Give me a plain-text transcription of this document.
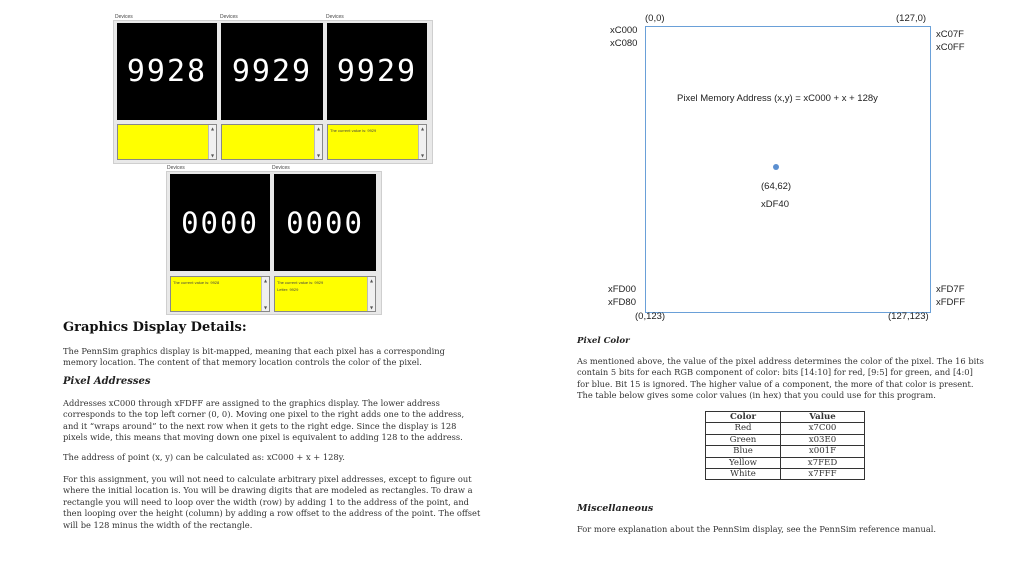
Devices	Devices	Devices
9928 9929 9929
▲
▼
▲
▼
The current value is: 9929	▲
▼
Devices	Devices
0000 0000
The current value is: 9928	▲
▼
The current value is: 9929
Letter: 9929
▲
▼
Graphics Display Details:
The PennSim graphics display is bit-mapped, meaning that each pixel has a corresponding memory location. The content of that memory location controls the color of the pixel.
Pixel Addresses
Addresses xC000 through xFDFF are assigned to the graphics display. The lower address corresponds to the top left corner (0, 0). Moving one pixel to the right adds one to the address, and it “wraps around” to the next row when it gets to the right edge. Since the display is 128 pixels wide, this means that moving down one pixel is equivalent to adding 128 to the address.
The address of point (x, y) can be calculated as: xC000 + x + 128y.
For this assignment, you will not need to calculate arbitrary pixel addresses, except to figure out where the initial location is. You will be drawing digits that are modeled as rectangles. To draw a rectangle you will need to loop over the width (row) by adding 1 to the address of the point, and then looping over the height (column) by adding a row offset to the address of the point. The offset will be 128 minus the width of the rectangle.
(0,0)	(127,0)
xC000
xC080
xC07F
xC0FF
Pixel Memory Address (x,y) = xC000 + x + 128y
(64,62)
xDF40
xFD00
xFD80
xFD7F
xFDFF
(0,123)	(127,123)
Pixel Color
As mentioned above, the value of the pixel address determines the color of the pixel. The 16 bits contain 5 bits for each RGB component of color: bits [14:10] for red, [9:5] for green, and [4:0] for blue. Bit 15 is ignored. The higher value of a component, the more of that color is present. The table below gives some color values (in hex) that you could use for this program.
Color	Value
Red	x7C00
Green	x03E0
Blue	x001F
Yellow	x7FED
White	x7FFF
Miscellaneous
For more explanation about the PennSim display, see the PennSim reference manual.
